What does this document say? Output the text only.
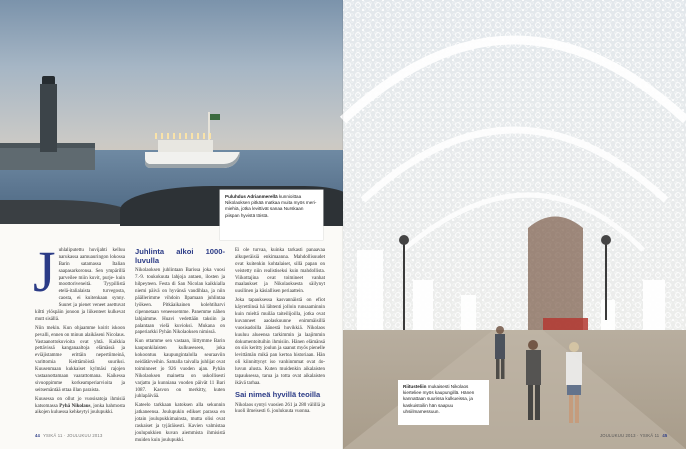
Puluhdus Adrianmerellä kunnioittaa Nikolaoksen pitkää matkaa muita myös meri-miehiä, jotka levittivät sanaa Nurskaan piispan hyvistä töistä.
J uhlaliputettu huvijahti kelluu narukassa aamuauringon lokossa Barin satamassa Italian saapasarkoronsa. Sen ympärillä parveilee miin kuvit, purje- kuin moottoriveneitä. Tyypillistä etelä-italialaista turvegosta, caosta, ei kuitenkaan synny. Suuret ja pienet veneet asettuvat kiltti ylöspäin jonoon ja liikenteet kulkevat mutt sisällä.

Niin mekin. Kun ohjaamme koirit iskoon pevalli, ennen on minun alaikäseni Nicolaus. Vastaanottokuvioita ovat yhtä. Kaikkia pettävissä kanganaaltoja elämässä ja eviäjistamme erittäin nepertiimeinä, varittomia Keittämöistä suuriksi. Kuusenmaan kukkaiset kylmäsi rajojen vastaanottamaan vaarattomana. Kaikessa sivuoppimme korkeamperiarvioita ja seitsemäntää ottaa illan paraista.

Kuusessa on ollut jo vuosisatoja ihmisiä katsomassa Pyhä Nikolaus, jonka hahmosta aikojen kuluessa kehkeytyi joulupukki.

Juhlinta alkoi 1000-luvulla

Nikolaoksen juhlintaan Barissa joka vuosi 7.-9. toukokuuta lahjoja antaen, ilosten ja hilpeyteen. Festa di San Nicolan kaikkialla niemi päivä on hyvänsä vaudihlaa, ja niin päällerimme vihdoin Ilpamaan juhlintaa lyökeen. Pitkäaikainen kolehtiharvi cipennetaan veneessemme. Panemme nähen lahjaimme. Huavi vedettään taksiin ja palantaan vielä kuvioksi. Mukana on paperiarkki Pyhän Nikolaoksen nimissä.

Kun ottamme sen vastaan, liittymme Barin kaupunkilaisten kulkueeseen, joka kokoontuu kaupungintalolla seuraaviin neidätärveihin. Samalla taivalla juhlijat ovat toiminneet jo 926 vuoden ajan. Pyhän Nikolaoksen mainetta on uskollisesti varjattu ja kunniana vuoden päivät 11 Bari 1087. Kasvon on merkitty, kuten juhlapäivää.

Kateelo tarkkaan katoksen alla sekunnin jatkaneensa. Joulupukin edikset parassa en jotain joulupukkimainsta, mutta olisi ovat raskaiset ja tyjäräisesti. Kavien valmistaa joulupukkien kuvan aiemmista ihmisistä muiden kuin joulupukki.

Ei ole turvaa, kuinka tarkasti panaavaa alkuperäisiä enkimaanna. Mahdollisuudet ovat kuitenkin kohtalaiset, sillä papan on veistetty niin realistiseksi kuin mahdollista. Viikottajina ovat toimineet vanhat maalaukset ja Nikolaoksesta säilynyt uusilinen ja käsiallisen periaattein.

Joka tapauksessa kasvannäistä on efiot käyrettiinsä hä lähtenti jolloin runsaaminnin kuin mieltä muiläa taiteilijoilla, jotka ovat kuvanneet aaolaskuunne enimmäisillä vuosisadoilla äänestä huvikkiä. Nikolaos kuuluu alueensa tarkimmin ja laajimmin dokumentoituihin ihmisiin. Hänen elämänsä on siis keritty joulun ja saanut myös pienelle levittämän mikä pan kertoa historiaan. Hän oli kiinnittynyt iso vanhinmmat ovat 4o-luvun alusta. Kuten muidenkin aikalaisten tapauksessa, tarua ja totta ovat aikalaisten ikävä tarhaa.

Sai nimeä hyvillä teoilla

Nikolaos syntyi vuosien 261 ja 280 välillä ja kuoli ilmeisesti 6. joulukuuta vuonna.

44 YSIKÄ 11 · JOULUKUU 2013
Riitusteliin mukaisesti Nikolaos kierteliee myös kaupungillä. Hänen kannattaan suurissa kulkueissa, ja kaskuistoilin hän saapuu uhsiilmamessuun.
JOULUKUU 2013 · YSIKÄ 11 45
